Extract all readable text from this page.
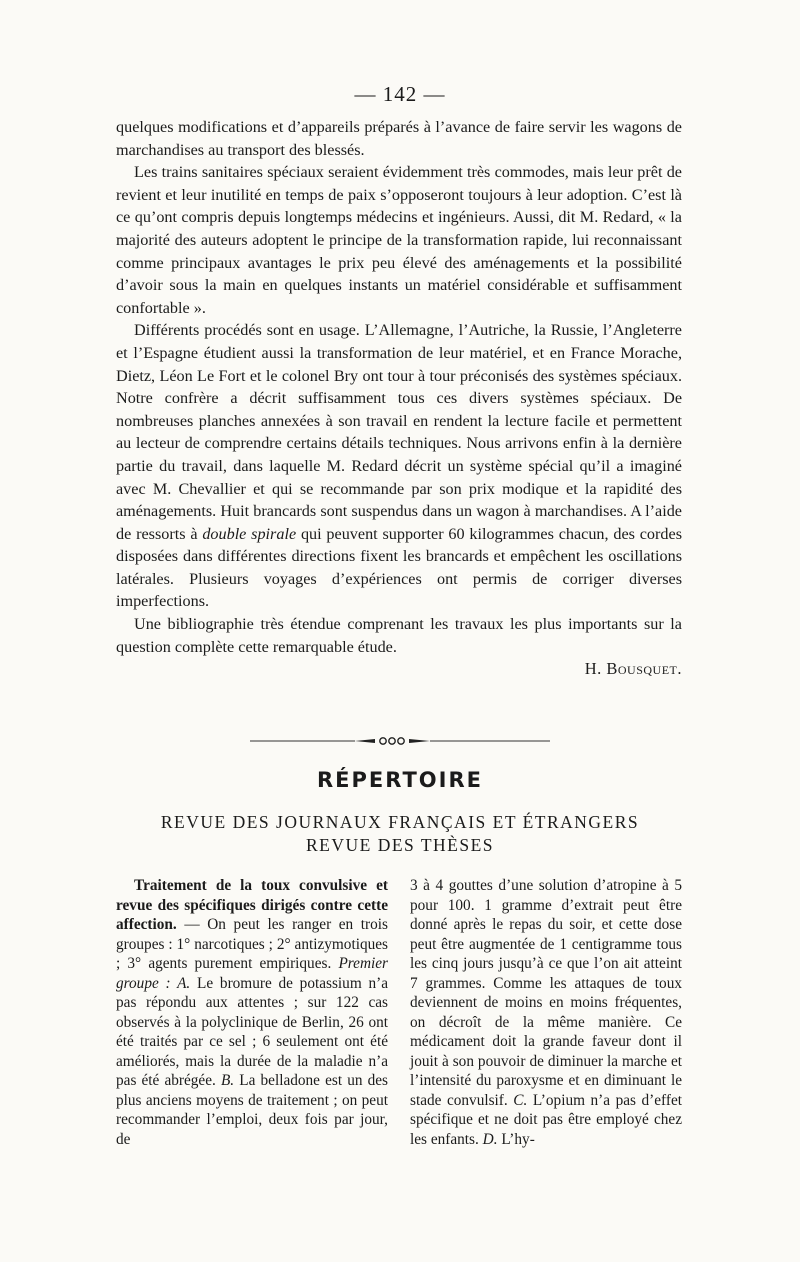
— 142 —

quelques modifications et d’appareils préparés à l’avance de faire servir les wagons de marchandises au transport des blessés.

Les trains sanitaires spéciaux seraient évidemment très commodes, mais leur prêt de revient et leur inutilité en temps de paix s’opposeront toujours à leur adoption. C’est là ce qu’ont compris depuis longtemps médecins et ingénieurs. Aussi, dit M. Redard, « la majorité des auteurs adoptent le principe de la transformation rapide, lui reconnaissant comme principaux avantages le prix peu élevé des aménagements et la possibilité d’avoir sous la main en quelques instants un matériel considérable et suffisamment confortable ».

Différents procédés sont en usage. L’Allemagne, l’Autriche, la Russie, l’Angleterre et l’Espagne étudient aussi la transformation de leur matériel, et en France Morache, Dietz, Léon Le Fort et le colonel Bry ont tour à tour préconisés des systèmes spéciaux. Notre confrère a décrit suffisamment tous ces divers systèmes spéciaux. De nombreuses planches annexées à son travail en rendent la lecture facile et permettent au lecteur de comprendre certains détails techniques. Nous arrivons enfin à la dernière partie du travail, dans laquelle M. Redard décrit un système spécial qu’il a imaginé avec M. Chevallier et qui se recommande par son prix modique et la rapidité des aménagements. Huit brancards sont suspendus dans un wagon à marchandises. A l’aide de ressorts à double spirale qui peuvent supporter 60 kilogrammes chacun, des cordes disposées dans différentes directions fixent les brancards et empêchent les oscillations latérales. Plusieurs voyages d’expériences ont permis de corriger diverses imperfections.

Une bibliographie très étendue comprenant les travaux les plus importants sur la question complète cette remarquable étude.

H. Bousquet.
RÉPERTOIRE
REVUE DES JOURNAUX FRANÇAIS ET ÉTRANGERS
REVUE DES THÈSES

Traitement de la toux convulsive et revue des spécifiques dirigés contre cette affection. — On peut les ranger en trois groupes : 1° narcotiques ; 2° antizymotiques ; 3° agents purement empiriques. Premier groupe : A. Le bromure de potassium n’a pas répondu aux attentes ; sur 122 cas observés à la polyclinique de Berlin, 26 ont été traités par ce sel ; 6 seulement ont été améliorés, mais la durée de la maladie n’a pas été abrégée. B. La belladone est un des plus anciens moyens de traitement ; on peut recommander l’emploi, deux fois par jour, de

3 à 4 gouttes d’une solution d’atropine à 5 pour 100. 1 gramme d’extrait peut être donné après le repas du soir, et cette dose peut être augmentée de 1 centigramme tous les cinq jours jusqu’à ce que l’on ait atteint 7 grammes. Comme les attaques de toux deviennent de moins en moins fréquentes, on décroît de la même manière. Ce médicament doit la grande faveur dont il jouit à son pouvoir de diminuer la marche et l’intensité du paroxysme et en diminuant le stade convulsif. C. L’opium n’a pas d’effet spécifique et ne doit pas être employé chez les enfants. D. L’hy-
